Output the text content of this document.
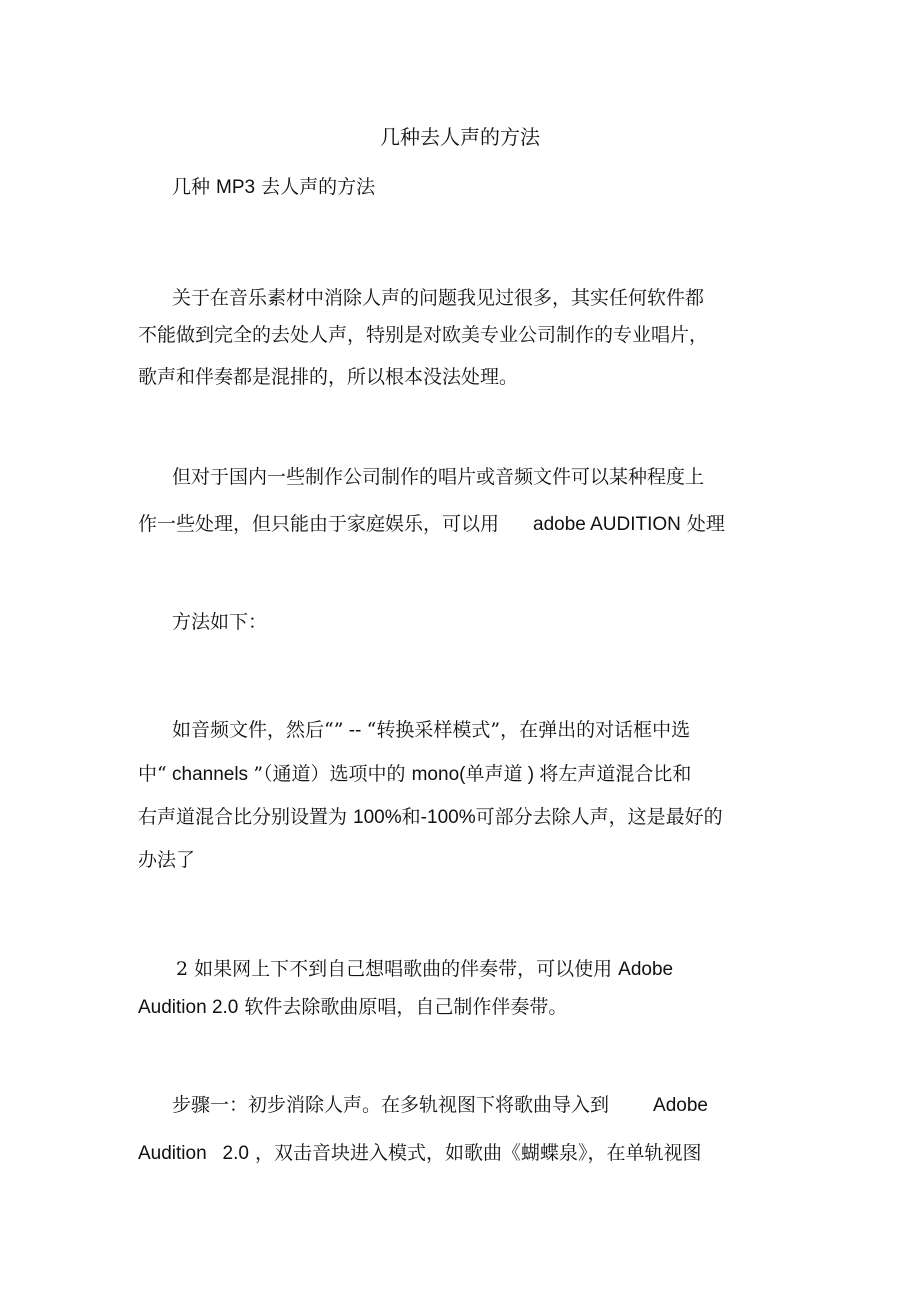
几种去人声的方法
几种 MP3 去人声的方法
关于在音乐素材中消除人声的问题我见过很多，其实任何软件都
不能做到完全的去处人声，特别是对欧美专业公司制作的专业唱片，
歌声和伴奏都是混排的，所以根本没法处理。
但对于国内一些制作公司制作的唱片或音频文件可以某种程度上
作一些处理，但只能由于家庭娱乐，可以用 adobe AUDITION 处理
方法如下：
如音频文件，然后“” -- “转换采样模式”，在弹出的对话框中选
中“ channels ”（通道）选项中的 mono(单声道 ) 将左声道混合比和
右声道混合比分别设置为 100%和-100%可部分去除人声，这是最好的
办法了
2 如果网上下不到自己想唱歌曲的伴奏带，可以使用 Adobe
Audition 2.0 软件去除歌曲原唱，自己制作伴奏带。
步骤一：初步消除人声。在多轨视图下将歌曲导入到 Adobe
Audition   2.0 ，双击音块进入模式，如歌曲《蝴蝶泉》，在单轨视图
